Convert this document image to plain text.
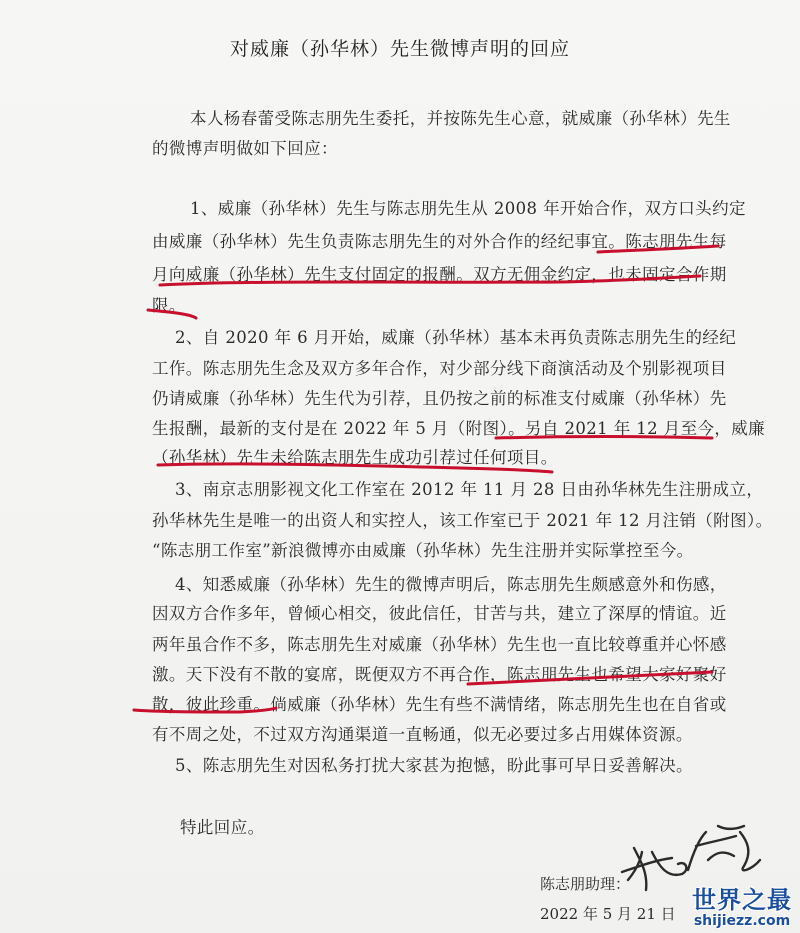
对威廉（孙华林）先生微博声明的回应
本人杨春蕾受陈志朋先生委托，并按陈先生心意，就威廉（孙华林）先生
的微博声明做如下回应：
1、威廉（孙华林）先生与陈志朋先生从 2008 年开始合作，双方口头约定
由威廉（孙华林）先生负责陈志朋先生的对外合作的经纪事宜。陈志朋先生每
月向威廉（孙华林）先生支付固定的报酬。双方无佣金约定，也未固定合作期
限。
2、自 2020 年 6 月开始，威廉（孙华林）基本未再负责陈志朋先生的经纪
工作。陈志朋先生念及双方多年合作，对少部分线下商演活动及个别影视项目
仍请威廉（孙华林）先生代为引荐，且仍按之前的标准支付威廉（孙华林）先
生报酬，最新的支付是在 2022 年 5 月（附图）。另自 2021 年 12 月至今，威廉
（孙华林）先生未给陈志朋先生成功引荐过任何项目。
3、南京志朋影视文化工作室在 2012 年 11 月 28 日由孙华林先生注册成立，
孙华林先生是唯一的出资人和实控人，该工作室已于 2021 年 12 月注销（附图）。
“陈志朋工作室”新浪微博亦由威廉（孙华林）先生注册并实际掌控至今。
4、知悉威廉（孙华林）先生的微博声明后，陈志朋先生颇感意外和伤感，
因双方合作多年，曾倾心相交，彼此信任，甘苦与共，建立了深厚的情谊。近
两年虽合作不多，陈志朋先生对威廉（孙华林）先生也一直比较尊重并心怀感
激。天下没有不散的宴席，既便双方不再合作，陈志朋先生也希望大家好聚好
散，彼此珍重。倘威廉（孙华林）先生有些不满情绪，陈志朋先生也在自省或
有不周之处，不过双方沟通渠道一直畅通，似无必要过多占用媒体资源。
5、陈志朋先生对因私务打扰大家甚为抱憾，盼此事可早日妥善解决。
特此回应。
陈志朋助理：
2022 年 5 月 21 日 世界之最
shijiezz.com
